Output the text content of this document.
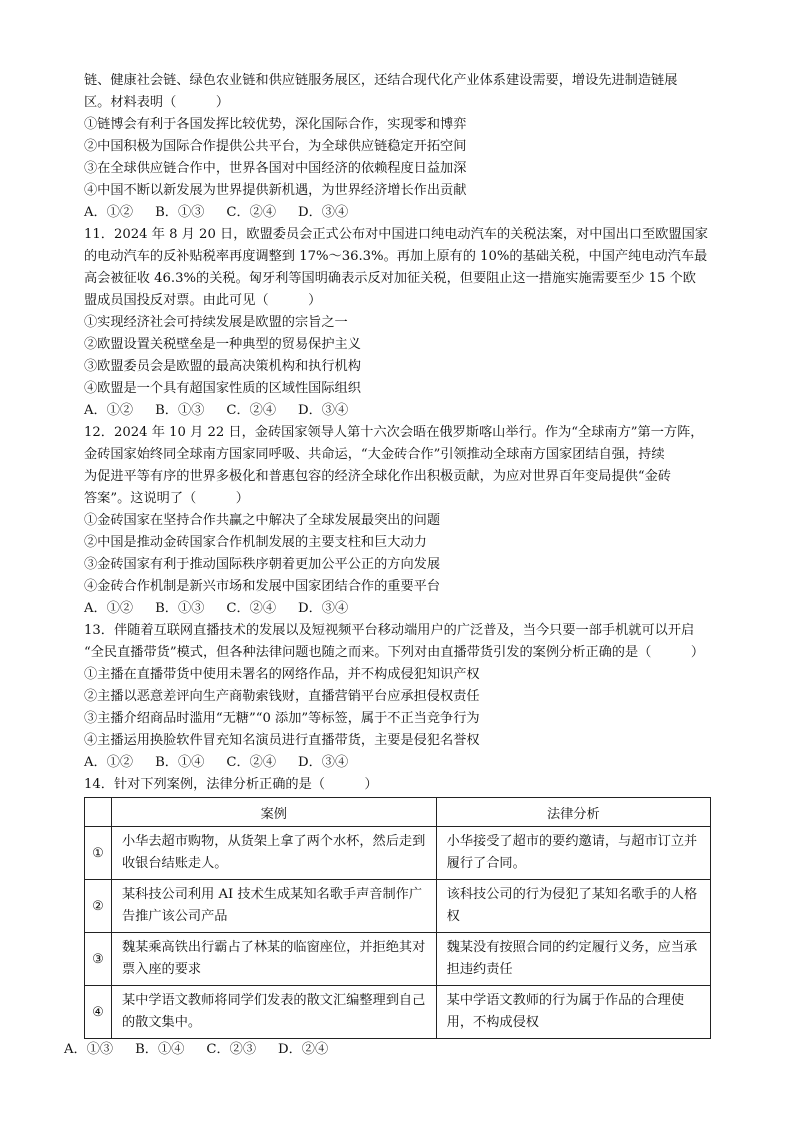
链、健康社会链、绿色农业链和供应链服务展区，还结合现代化产业体系建设需要，增设先进制造链展
区。材料表明（　　　）
①链博会有利于各国发挥比较优势，深化国际合作，实现零和博弈
②中国积极为国际合作提供公共平台，为全球供应链稳定开拓空间
③在全球供应链合作中，世界各国对中国经济的依赖程度日益加深
④中国不断以新发展为世界提供新机遇，为世界经济增长作出贡献
A．①② B．①③ C．②④ D．③④
11．2024 年 8 月 20 日，欧盟委员会正式公布对中国进口纯电动汽车的关税法案，对中国出口至欧盟国家
的电动汽车的反补贴税率再度调整到 17%～36.3%。再加上原有的 10%的基础关税，中国产纯电动汽车最
高会被征收 46.3%的关税。匈牙利等国明确表示反对加征关税，但要阻止这一措施实施需要至少 15 个欧
盟成员国投反对票。由此可见（　　　）
①实现经济社会可持续发展是欧盟的宗旨之一
②欧盟设置关税壁垒是一种典型的贸易保护主义
③欧盟委员会是欧盟的最高决策机构和执行机构
④欧盟是一个具有超国家性质的区域性国际组织
A．①② B．①③ C．②④ D．③④
12．2024 年 10 月 22 日，金砖国家领导人第十六次会晤在俄罗斯喀山举行。作为“全球南方”第一方阵，
金砖国家始终同全球南方国家同呼吸、共命运，“大金砖合作”引领推动全球南方国家团结自强，持续
为促进平等有序的世界多极化和普惠包容的经济全球化作出积极贡献，为应对世界百年变局提供“金砖
答案”。这说明了（　　　）
①金砖国家在坚持合作共赢之中解决了全球发展最突出的问题
②中国是推动金砖国家合作机制发展的主要支柱和巨大动力
③金砖国家有利于推动国际秩序朝着更加公平公正的方向发展
④金砖合作机制是新兴市场和发展中国家团结合作的重要平台
A．①② B．①③ C．②④ D．③④
13．伴随着互联网直播技术的发展以及短视频平台移动端用户的广泛普及，当今只要一部手机就可以开启
“全民直播带货”模式，但各种法律问题也随之而来。下列对由直播带货引发的案例分析正确的是（　　　）
①主播在直播带货中使用未署名的网络作品，并不构成侵犯知识产权
②主播以恶意差评向生产商勒索钱财，直播营销平台应承担侵权责任
③主播介绍商品时滥用“无糖”“0 添加”等标签，属于不正当竞争行为
④主播运用换脸软件冒充知名演员进行直播带货，主要是侵犯名誉权
A．①② B．①④ C．②④ D．③④
14．针对下列案例，法律分析正确的是（　　　）
	案例	法律分析
①	小华去超市购物，从货架上拿了两个水杯，然后走到收银台结账走人。	小华接受了超市的要约邀请，与超市订立并履行了合同。
②	某科技公司利用 AI 技术生成某知名歌手声音制作广告推广该公司产品	该科技公司的行为侵犯了某知名歌手的人格权
③	魏某乘高铁出行霸占了林某的临窗座位，并拒绝其对票入座的要求	魏某没有按照合同的约定履行义务，应当承担违约责任
④	某中学语文教师将同学们发表的散文汇编整理到自己的散文集中。	某中学语文教师的行为属于作品的合理使用，不构成侵权
A．①③ B．①④ C．②③ D．②④
